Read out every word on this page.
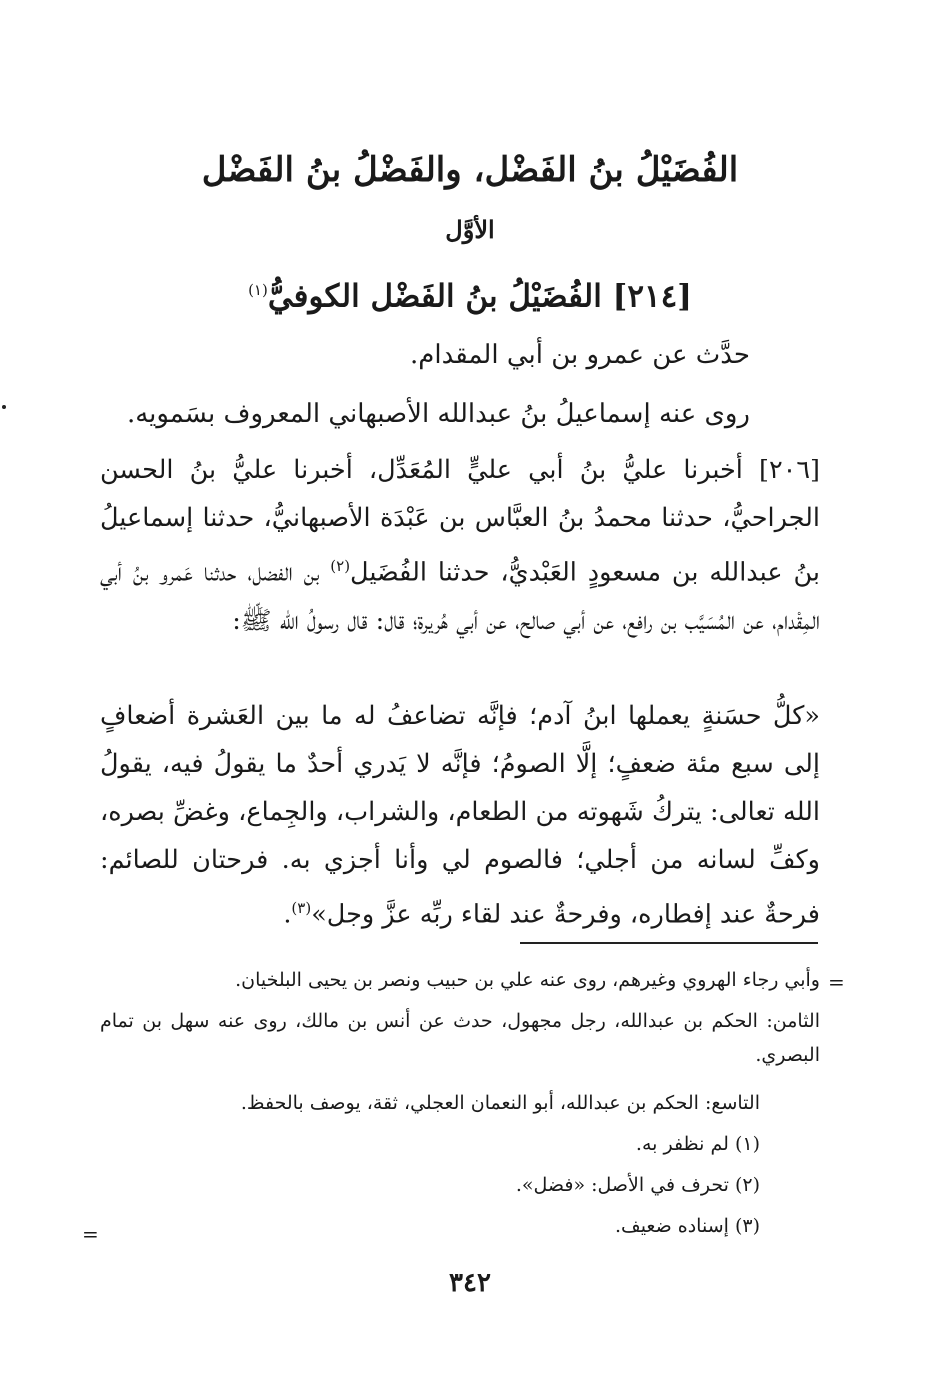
الفُضَيْلُ بنُ الفَضْل، والفَضْلُ بنُ الفَضْل
الأوَّل
[٢١٤] الفُضَيْلُ بنُ الفَضْل الكوفيُّ$^{(١)}$

حدَّث عن عمرو بن أبي المقدام.

روى عنه إسماعيلُ بنُ عبدالله الأصبهاني المعروف بسَمويه.

[٢٠٦] أخبرنا عليُّ بنُ أبي عليٍّ المُعَدِّل، أخبرنا عليُّ بنُ الحسن الجراحيُّ، حدثنا محمدُ بنُ العبَّاس بن عَبْدَة الأصبهانيُّ، حدثنا إسماعيلُ بنُ عبدالله بن مسعودٍ العَبْديُّ، حدثنا الفُضَيل$^{(٢)}$ بن الفضل، حدثنا عَمرو بنُ أبي المِقْدام، عن المُسَيَّب بن رافع، عن أبي صالح، عن أبي هُريرة؛ قال: قال رسولُ الله ﷺ:

«كلُّ حسَنةٍ يعملها ابنُ آدم؛ فإنَّه تضاعفُ له ما بين العَشرة أضعافٍ إلى سبع مئة ضعفٍ؛ إلَّا الصومُ؛ فإنَّه لا يَدري أحدٌ ما يقولُ فيه، يقولُ الله تعالى: يتركُ شَهوته من الطعام، والشراب، والجِماع، وغضِّ بصره، وكفِّ لسانه من أجلي؛ فالصوم لي وأنا أجزي به. فرحتان للصائم: فرحةٌ عند إفطاره، وفرحةٌ عند لقاء ربِّه عزَّ وجل»$^{(٣)}$.

=

وأبي رجاء الهروي وغيرهم، روى عنه علي بن حبيب ونصر بن يحيى البلخيان.

الثامن: الحكم بن عبدالله، رجل مجهول، حدث عن أنس بن مالك، روى عنه سهل بن تمام البصري.

التاسع: الحكم بن عبدالله، أبو النعمان العجلي، ثقة، يوصف بالحفظ.

(١) لم نظفر به.

(٢) تحرف في الأصل: «فضل».

(٣) إسناده ضعيف.

=

٣٤٢
